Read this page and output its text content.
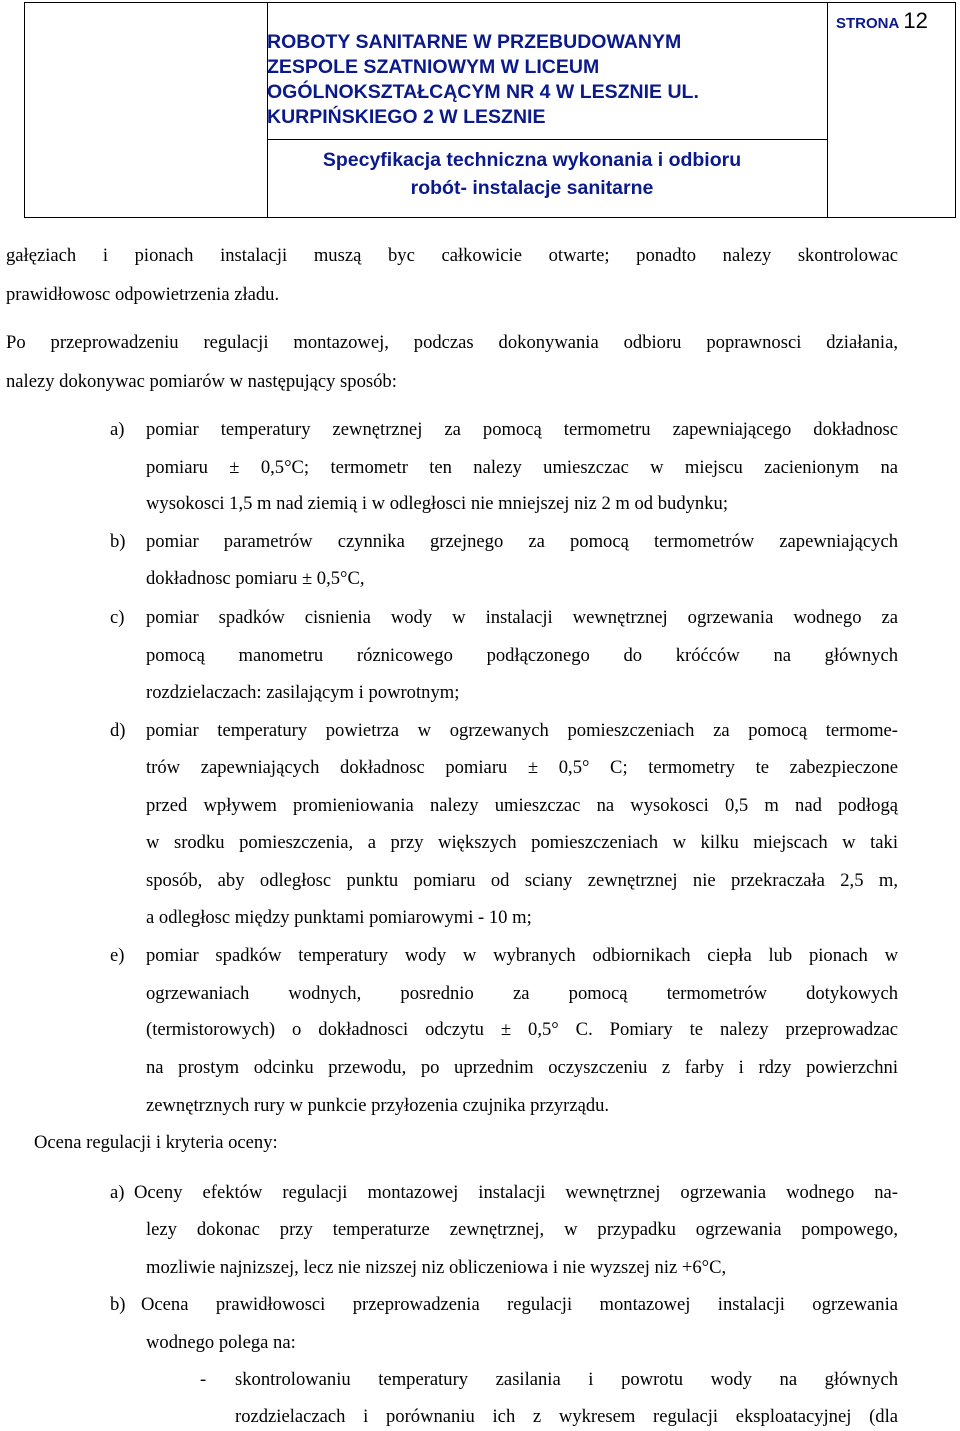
ROBOTY SANITARNE W PRZEBUDOWANYM
ZESPOLE SZATNIOWYM W LICEUM
OGÓLNOKSZTAŁCĄCYM NR 4 W LESZNIE UL.
KURPIŃSKIEGO 2 W LESZNIE
Specyfikacja techniczna wykonania i odbioru
robót- instalacje sanitarne
STRONA 12
gałęziach i pionach instalacji muszą byc całkowicie otwarte; ponadto nalezy skontrolowac
prawidłowosc odpowietrzenia zładu.
Po przeprowadzeniu regulacji montazowej, podczas dokonywania odbioru poprawnosci działania,
nalezy dokonywac pomiarów w następujący sposób:
a) pomiar temperatury zewnętrznej za pomocą termometru zapewniającego dokładnosc
pomiaru ± 0,5°C; termometr ten nalezy umieszczac w miejscu zacienionym na
wysokosci 1,5 m nad ziemią i w odległosci nie mniejszej niz 2 m od budynku;
b) pomiar parametrów czynnika grzejnego za pomocą termometrów zapewniających
dokładnosc pomiaru ± 0,5°C,
c) pomiar spadków cisnienia wody w instalacji wewnętrznej ogrzewania wodnego za
pomocą manometru róznicowego podłączonego do króćców na głównych
rozdzielaczach: zasilającym i powrotnym;
d) pomiar temperatury powietrza w ogrzewanych pomieszczeniach za pomocą termome-
trów zapewniających dokładnosc pomiaru ± 0,5° C; termometry te zabezpieczone
przed wpływem promieniowania nalezy umieszczac na wysokosci 0,5 m nad podłogą
w srodku pomieszczenia, a przy większych pomieszczeniach w kilku miejscach w taki
sposób, aby odległosc punktu pomiaru od sciany zewnętrznej nie przekraczała 2,5 m,
a odległosc między punktami pomiarowymi - 10 m;
e) pomiar spadków temperatury wody w wybranych odbiornikach ciepła lub pionach w
ogrzewaniach wodnych, posrednio za pomocą termometrów dotykowych
(termistorowych) o dokładnosci odczytu ± 0,5° C. Pomiary te nalezy przeprowadzac
na prostym odcinku przewodu, po uprzednim oczyszczeniu z farby i rdzy powierzchni
zewnętrznych rury w punkcie przyłozenia czujnika przyrządu.
Ocena regulacji i kryteria oceny:
a) Oceny efektów regulacji montazowej instalacji wewnętrznej ogrzewania wodnego na-
lezy dokonac przy temperaturze zewnętrznej, w przypadku ogrzewania pompowego,
mozliwie najnizszej, lecz nie nizszej niz obliczeniowa i nie wyzszej niz +6°C,
b) Ocena prawidłowosci przeprowadzenia regulacji montazowej instalacji ogrzewania
wodnego polega na:
- skontrolowaniu temperatury zasilania i powrotu wody na głównych
rozdzielaczach i porównaniu ich z wykresem regulacji eksploatacyjnej (dla
